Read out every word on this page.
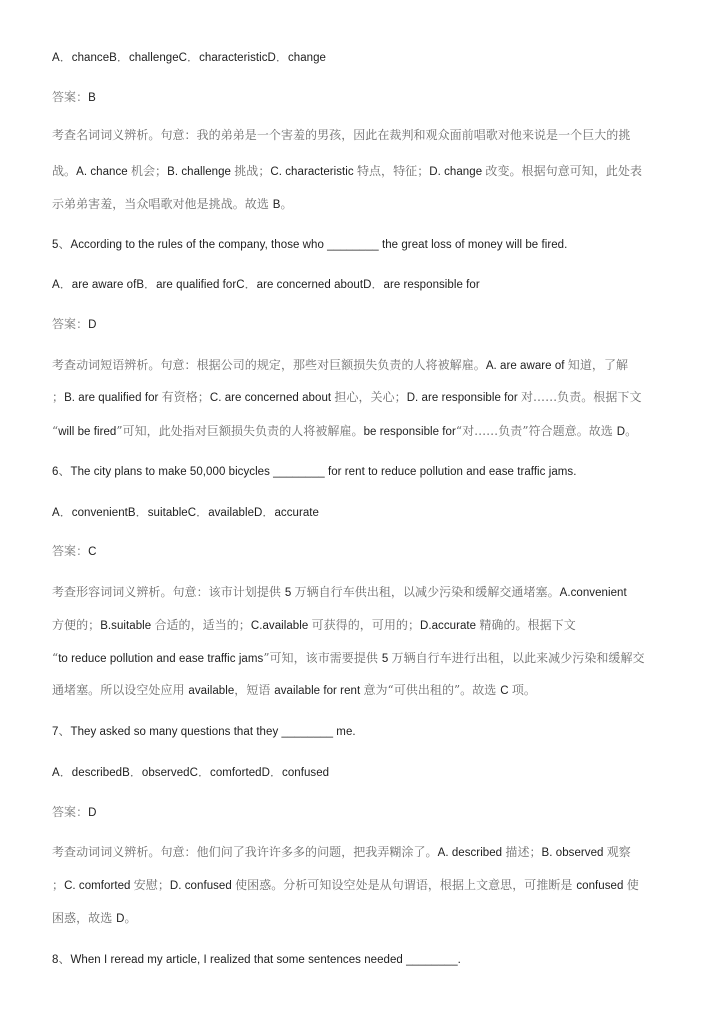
A．chanceB．challengeC．characteristicD．change
答案：B
考查名词词义辨析。句意：我的弟弟是一个害羞的男孩，因此在裁判和观众面前唱歌对他来说是一个巨大的挑
战。A. chance 机会；B. challenge 挑战；C. characteristic 特点，特征；D. change 改变。根据句意可知，此处表
示弟弟害羞，当众唱歌对他是挑战。故选 B。
5、According to the rules of the company, those who ________ the great loss of money will be fired.
A．are aware ofB．are qualified forC．are concerned aboutD．are responsible for
答案：D
考查动词短语辨析。句意：根据公司的规定，那些对巨额损失负责的人将被解雇。A. are aware of 知道，了解
；B. are qualified for 有资格；C. are concerned about 担心，关心；D. are responsible for 对……负责。根据下文
“will be fired”可知，此处指对巨额损失负责的人将被解雇。be responsible for“对……负责”符合题意。故选 D。
6、The city plans to make 50,000 bicycles ________ for rent to reduce pollution and ease traffic jams.
A．convenientB．suitableC．availableD．accurate
答案：C
考查形容词词义辨析。句意：该市计划提供 5 万辆自行车供出租，以减少污染和缓解交通堵塞。A.convenient
方便的；B.suitable 合适的，适当的；C.available 可获得的，可用的；D.accurate 精确的。根据下文
“to reduce pollution and ease traffic jams”可知，该市需要提供 5 万辆自行车进行出租，以此来减少污染和缓解交
通堵塞。所以设空处应用 available，短语 available for rent 意为“可供出租的”。故选 C 项。
7、They asked so many questions that they ________ me.
A．describedB．observedC．comfortedD．confused
答案：D
考查动词词义辨析。句意：他们问了我许许多多的问题，把我弄糊涂了。A. described 描述；B. observed 观察
；C. comforted 安慰；D. confused 使困惑。分析可知设空处是从句谓语，根据上文意思，可推断是 confused 使
困惑，故选 D。
8、When I reread my article, I realized that some sentences needed ________.
